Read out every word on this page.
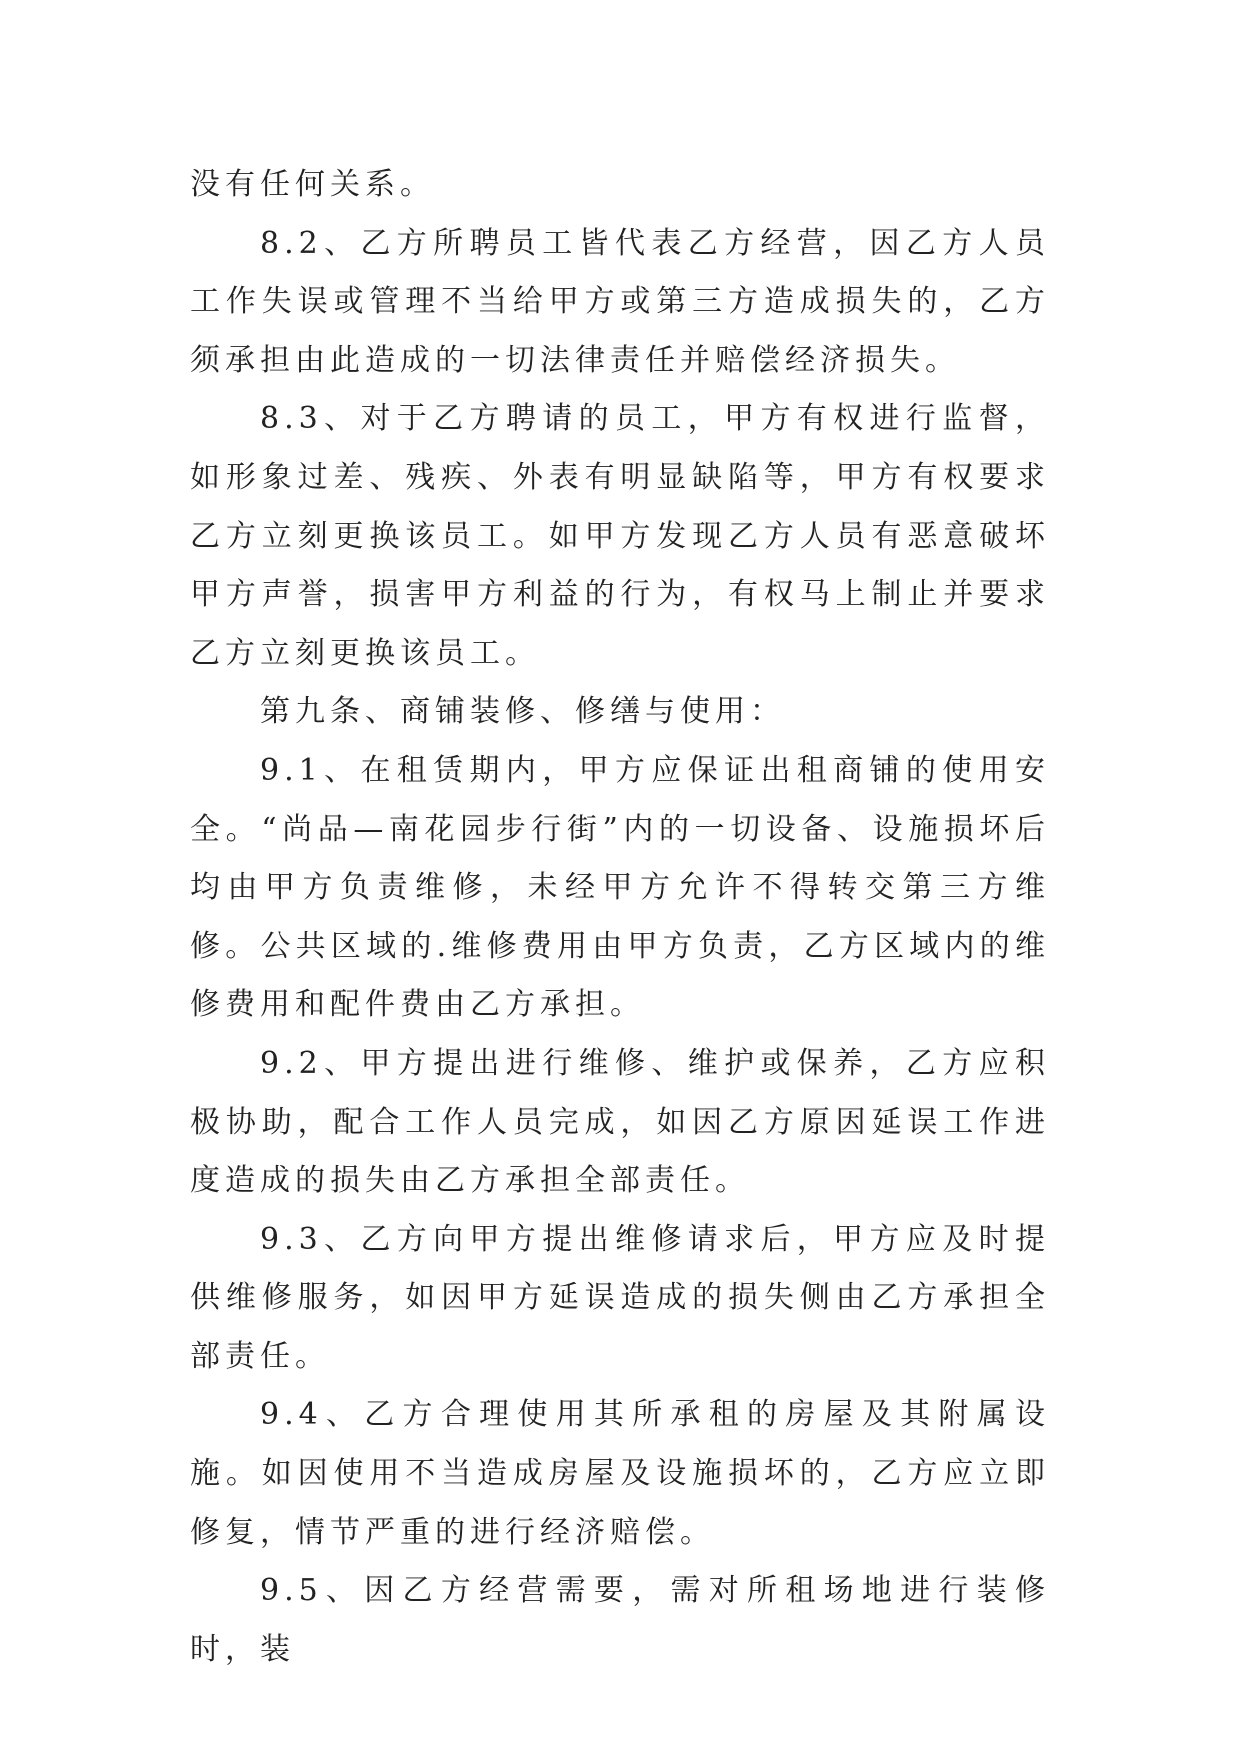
没有任何关系。

8.2、乙方所聘员工皆代表乙方经营，因乙方人员工作失误或管理不当给甲方或第三方造成损失的，乙方须承担由此造成的一切法律责任并赔偿经济损失。

8.3、对于乙方聘请的员工，甲方有权进行监督，如形象过差、残疾、外表有明显缺陷等，甲方有权要求乙方立刻更换该员工。如甲方发现乙方人员有恶意破坏甲方声誉，损害甲方利益的行为，有权马上制止并要求乙方立刻更换该员工。

第九条、商铺装修、修缮与使用：

9.1、在租赁期内，甲方应保证出租商铺的使用安全。“尚品—南花园步行街”内的一切设备、设施损坏后均由甲方负责维修，未经甲方允许不得转交第三方维修。公共区域的.维修费用由甲方负责，乙方区域内的维修费用和配件费由乙方承担。

9.2、甲方提出进行维修、维护或保养，乙方应积极协助，配合工作人员完成，如因乙方原因延误工作进度造成的损失由乙方承担全部责任。

9.3、乙方向甲方提出维修请求后，甲方应及时提供维修服务，如因甲方延误造成的损失侧由乙方承担全部责任。

9.4、乙方合理使用其所承租的房屋及其附属设施。如因使用不当造成房屋及设施损坏的，乙方应立即修复，情节严重的进行经济赔偿。

9.5、因乙方经营需要，需对所租场地进行装修时，装
